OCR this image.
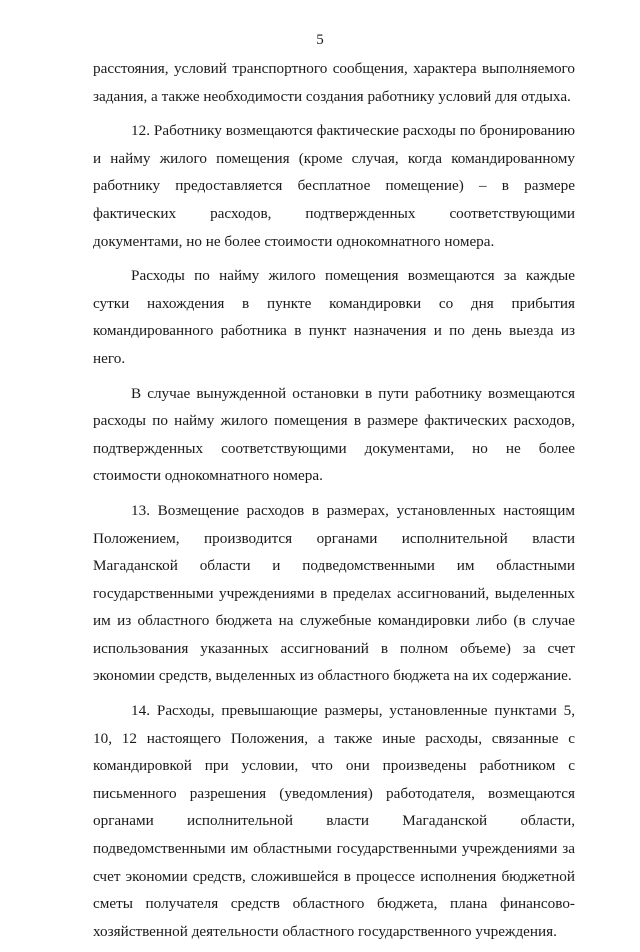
5

расстояния, условий транспортного сообщения, характера выполняемого задания, а также необходимости создания работнику условий для отдыха.

12. Работнику возмещаются фактические расходы по бронированию и найму жилого помещения (кроме случая, когда командированному работнику предоставляется бесплатное помещение) – в размере фактических расходов, подтвержденных соответствующими документами, но не более стоимости однокомнатного номера.

Расходы по найму жилого помещения возмещаются за каждые сутки нахождения в пункте командировки со дня прибытия командированного работника в пункт назначения и по день выезда из него.

В случае вынужденной остановки в пути работнику возмещаются расходы по найму жилого помещения в размере фактических расходов, подтвержденных соответствующими документами, но не более стоимости однокомнатного номера.

13. Возмещение расходов в размерах, установленных настоящим Положением, производится органами исполнительной власти Магаданской области и подведомственными им областными государственными учреждениями в пределах ассигнований, выделенных им из областного бюджета на служебные командировки либо (в случае использования указанных ассигнований в полном объеме) за счет экономии средств, выделенных из областного бюджета на их содержание.

14. Расходы, превышающие размеры, установленные пунктами 5, 10, 12 настоящего Положения, а также иные расходы, связанные с командировкой при условии, что они произведены работником с письменного разрешения (уведомления) работодателя, возмещаются органами исполнительной власти Магаданской области, подведомственными им областными государственными учреждениями за счет экономии средств, сложившейся в процессе исполнения бюджетной сметы получателя средств областного бюджета, плана финансово-хозяйственной деятельности областного государственного учреждения.
